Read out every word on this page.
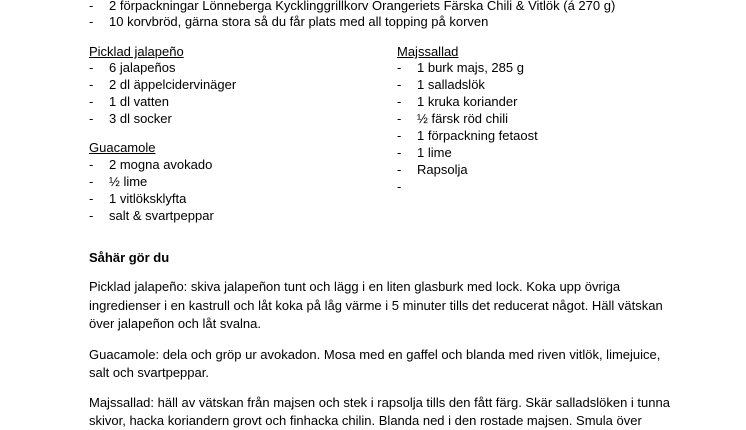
- 2 förpackningar Lönneberga Kycklinggrillkorv Orangeriets Färska Chili & Vitlök (á 270 g)
- 10 korvbröd, gärna stora så du får plats med all topping på korven
Picklad jalapeño
- 6 jalapeños
- 2 dl äppelcidervinäger
- 1 dl vatten
- 3 dl socker
Guacamole
- 2 mogna avokado
- ½ lime
- 1 vitlöksklyfta
- salt & svartpeppar
Majssallad
- 1 burk majs, 285 g
- 1 salladslök
- 1 kruka koriander
- ½ färsk röd chili
- 1 förpackning fetaost
- 1 lime
- Rapsolja
-
Såhär gör du
Picklad jalapeño: skiva jalapeñon tunt och lägg i en liten glasburk med lock. Koka upp övriga
ingredienser i en kastrull och låt koka på låg värme i 5 minuter tills det reducerat något. Häll vätskan
över jalapeñon och låt svalna.
Guacamole: dela och gröp ur avokadon. Mosa med en gaffel och blanda med riven vitlök, limejuice,
salt och svartpeppar.
Majssallad: häll av vätskan från majsen och stek i rapsolja tills den fått färg. Skär salladslöken i tunna
skivor, hacka koriandern grovt och finhacka chilin. Blanda ned i den rostade majsen. Smula över
